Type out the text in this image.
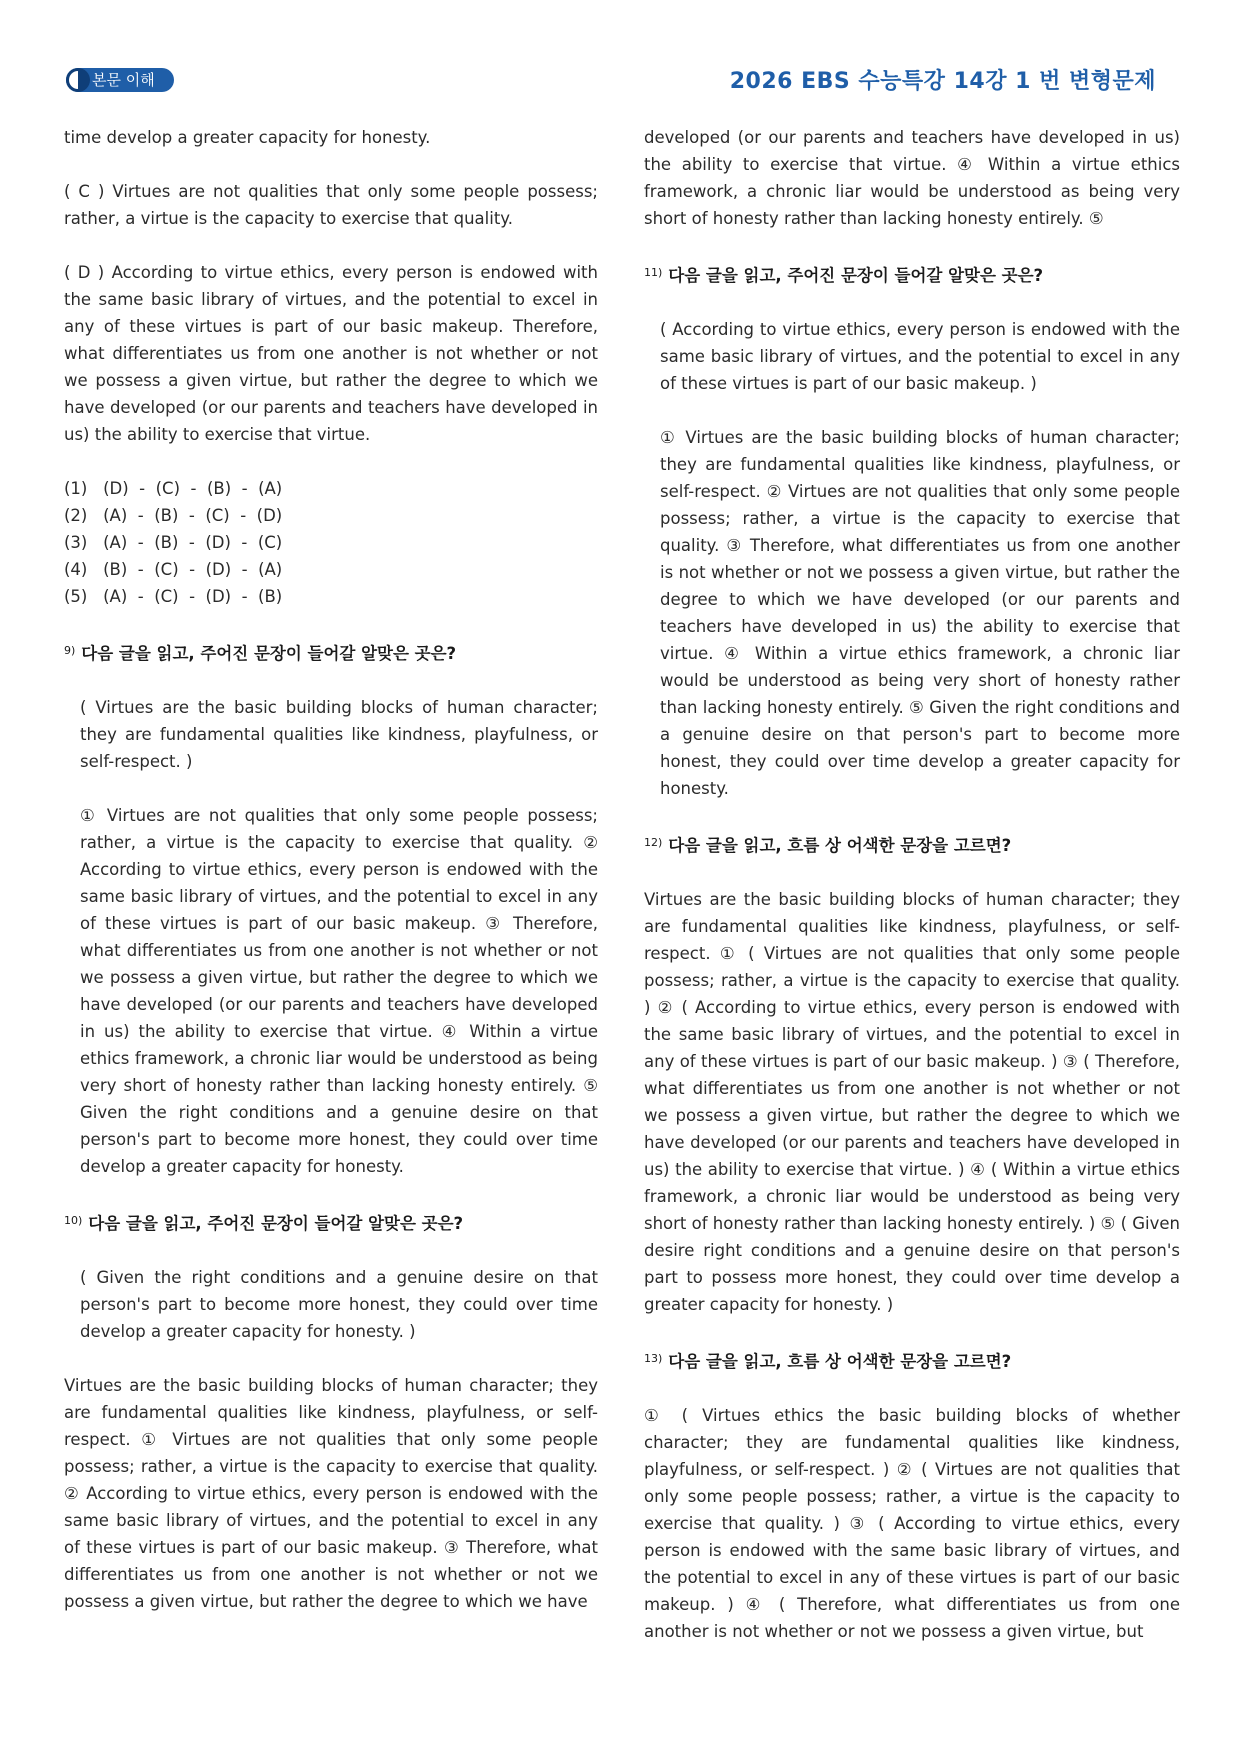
본문 이해	2026 EBS 수능특강 14강 1 번 변형문제

time develop a greater capacity for honesty.

( C ) Virtues are not qualities that only some people possess; rather, a virtue is the capacity to exercise that quality.

( D ) According to virtue ethics, every person is endowed with the same basic library of virtues, and the potential to excel in any of these virtues is part of our basic makeup. Therefore, what differentiates us from one another is not whether or not we possess a given virtue, but rather the degree to which we have developed (or our parents and teachers have developed in us) the ability to exercise that virtue.

(1)   (D)  -  (C)  -  (B)  -  (A)
(2)   (A)  -  (B)  -  (C)  -  (D)
(3)   (A)  -  (B)  -  (D)  -  (C)
(4)   (B)  -  (C)  -  (D)  -  (A)
(5)   (A)  -  (C)  -  (D)  -  (B)
$^{9)}$ 다음 글을 읽고, 주어진 문장이 들어갈 알맞은 곳은?

( Virtues are the basic building blocks of human character; they are fundamental qualities like kindness, playfulness, or self-respect. )

① Virtues are not qualities that only some people possess; rather, a virtue is the capacity to exercise that quality. ② According to virtue ethics, every person is endowed with the same basic library of virtues, and the potential to excel in any of these virtues is part of our basic makeup. ③ Therefore, what differentiates us from one another is not whether or not we possess a given virtue, but rather the degree to which we have developed (or our parents and teachers have developed in us) the ability to exercise that virtue. ④ Within a virtue ethics framework, a chronic liar would be understood as being very short of honesty rather than lacking honesty entirely. ⑤ Given the right conditions and a genuine desire on that person's part to become more honest, they could over time develop a greater capacity for honesty.

$^{10)}$ 다음 글을 읽고, 주어진 문장이 들어갈 알맞은 곳은?

( Given the right conditions and a genuine desire on that person's part to become more honest, they could over time develop a greater capacity for honesty. )

Virtues are the basic building blocks of human character; they are fundamental qualities like kindness, playfulness, or self-respect. ① Virtues are not qualities that only some people possess; rather, a virtue is the capacity to exercise that quality. ② According to virtue ethics, every person is endowed with the same basic library of virtues, and the potential to excel in any of these virtues is part of our basic makeup. ③ Therefore, what differentiates us from one another is not whether or not we possess a given virtue, but rather the degree to which we have

developed (or our parents and teachers have developed in us) the ability to exercise that virtue. ④ Within a virtue ethics framework, a chronic liar would be understood as being very short of honesty rather than lacking honesty entirely. ⑤

$^{11)}$ 다음 글을 읽고, 주어진 문장이 들어갈 알맞은 곳은?

( According to virtue ethics, every person is endowed with the same basic library of virtues, and the potential to excel in any of these virtues is part of our basic makeup. )

① Virtues are the basic building blocks of human character; they are fundamental qualities like kindness, playfulness, or self-respect. ② Virtues are not qualities that only some people possess; rather, a virtue is the capacity to exercise that quality. ③ Therefore, what differentiates us from one another is not whether or not we possess a given virtue, but rather the degree to which we have developed (or our parents and teachers have developed in us) the ability to exercise that virtue. ④ Within a virtue ethics framework, a chronic liar would be understood as being very short of honesty rather than lacking honesty entirely. ⑤ Given the right conditions and a genuine desire on that person's part to become more honest, they could over time develop a greater capacity for honesty.

$^{12)}$ 다음 글을 읽고, 흐름 상 어색한 문장을 고르면?

Virtues are the basic building blocks of human character; they are fundamental qualities like kindness, playfulness, or self-respect. ① ( Virtues are not qualities that only some people possess; rather, a virtue is the capacity to exercise that quality. ) ② ( According to virtue ethics, every person is endowed with the same basic library of virtues, and the potential to excel in any of these virtues is part of our basic makeup. ) ③ ( Therefore, what differentiates us from one another is not whether or not we possess a given virtue, but rather the degree to which we have developed (or our parents and teachers have developed in us) the ability to exercise that virtue. ) ④ ( Within a virtue ethics framework, a chronic liar would be understood as being very short of honesty rather than lacking honesty entirely. ) ⑤ ( Given desire right conditions and a genuine desire on that person's part to possess more honest, they could over time develop a greater capacity for honesty. )

$^{13)}$ 다음 글을 읽고, 흐름 상 어색한 문장을 고르면?

① ( Virtues ethics the basic building blocks of whether character; they are fundamental qualities like kindness, playfulness, or self-respect. ) ② ( Virtues are not qualities that only some people possess; rather, a virtue is the capacity to exercise that quality. ) ③ ( According to virtue ethics, every person is endowed with the same basic library of virtues, and the potential to excel in any of these virtues is part of our basic makeup. ) ④ ( Therefore, what differentiates us from one another is not whether or not we possess a given virtue, but
